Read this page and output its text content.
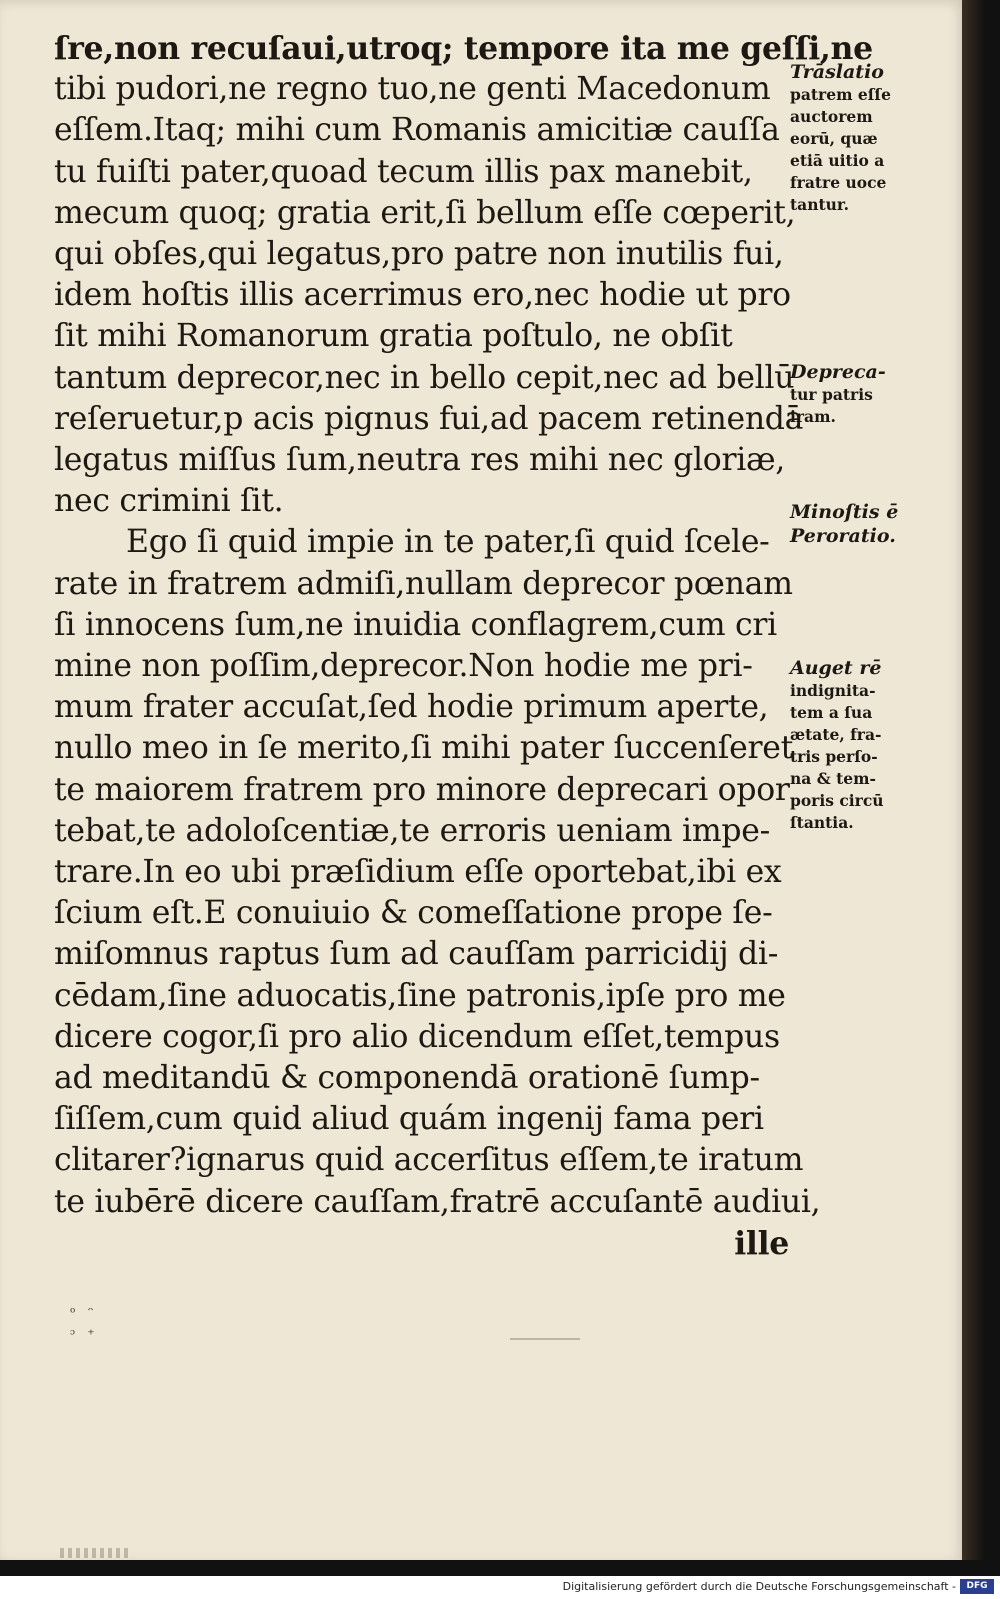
ſre,non recuſaui,utroq; tempore ita me geſſi,ne
tibi pudori,ne regno tuo,ne genti Macedonum
eſſem.Itaq; mihi cum Romanis amicitiæ cauſſa
tu fuiſti pater,quoad tecum illis pax manebit,
mecum quoq; gratia erit,ſi bellum eſſe cœperit,
qui obſes,qui legatus,pro patre non inutilis fui,
idem hoſtis illis acerrimus ero,nec hodie ut pro
ſit mihi Romanorum gratia poſtulo, ne obſit
tantum deprecor,nec in bello cepit,nec ad bellū
reſeruetur,p acis pignus fui,ad pacem retinendā
legatus miſſus ſum,neutra res mihi nec gloriæ,
nec crimini ſit.
Ego ſi quid impie in te pater,ſi quid ſcele-
rate in fratrem admiſi,nullam deprecor pœnam
ſi innocens ſum,ne inuidia conflagrem,cum cri
mine non poſſim,deprecor.Non hodie me pri-
mum frater accuſat,ſed hodie primum aperte,
nullo meo in ſe merito,ſi mihi pater ſuccenſeret
te maiorem fratrem pro minore deprecari opor
tebat,te adoloſcentiæ,te erroris ueniam impe-
trare.In eo ubi præſidium eſſe oportebat,ibi ex
ſcium eſt.E conuiuio & comeſſatione prope ſe-
miſomnus raptus ſum ad cauſſam parricidij di-
cēdam,ſine aduocatis,ſine patronis,ipſe pro me
dicere cogor,ſi pro alio dicendum eſſet,tempus
ad meditandū & componendā orationē ſump-
ſiſſem,cum quid aliud quám ingenij fama peri
clitarer?ignarus quid accerſitus eſſem,te iratum
te iubērē dicere cauſſam,fratrē accuſantē audiui,
ille
Trāslatio
patrem eſſe
auctorem
eorū, quæ
etiā uitio a
fratre uoce
tantur.
Depreca-
tur patris
iram.
Minoſtis ē
Peroratio.
Auget rē
indignita-
tem a ſua
ætate, fra-
tris perſo-
na & tem-
poris circū
ſtantia.
ᵒ ᵔ
ᵓ ⁺
Digitalisierung gefördert durch die Deutsche Forschungsgemeinschaft -	DFG
